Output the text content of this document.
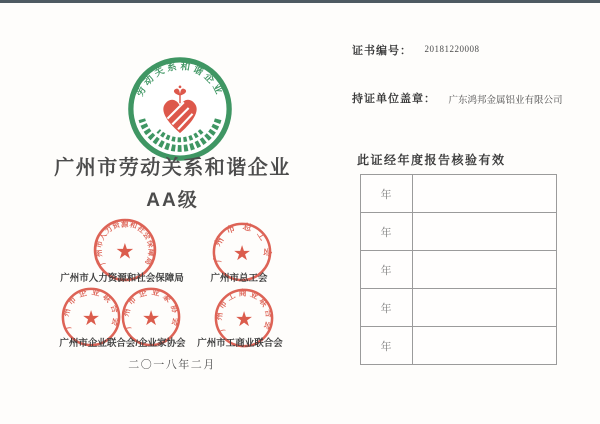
劳动关系和谐企业
广州市劳动关系和谐企业
AA级
广州市人力资源和社会保障局
★	广州市总工会
★
广州市人力资源和社会保障局	广州市总工会
广州市企业联合会
★	广州市企业家协会
★	广州市工商业联合会
★
广州市企业联合会/企业家协会	广州市工商业联合会
二〇一八年二月
证书编号： 20181220008
持证单位盖章： 广东鸿邦金属铝业有限公司
此证经年度报告核验有效
年
年
年
年
年
